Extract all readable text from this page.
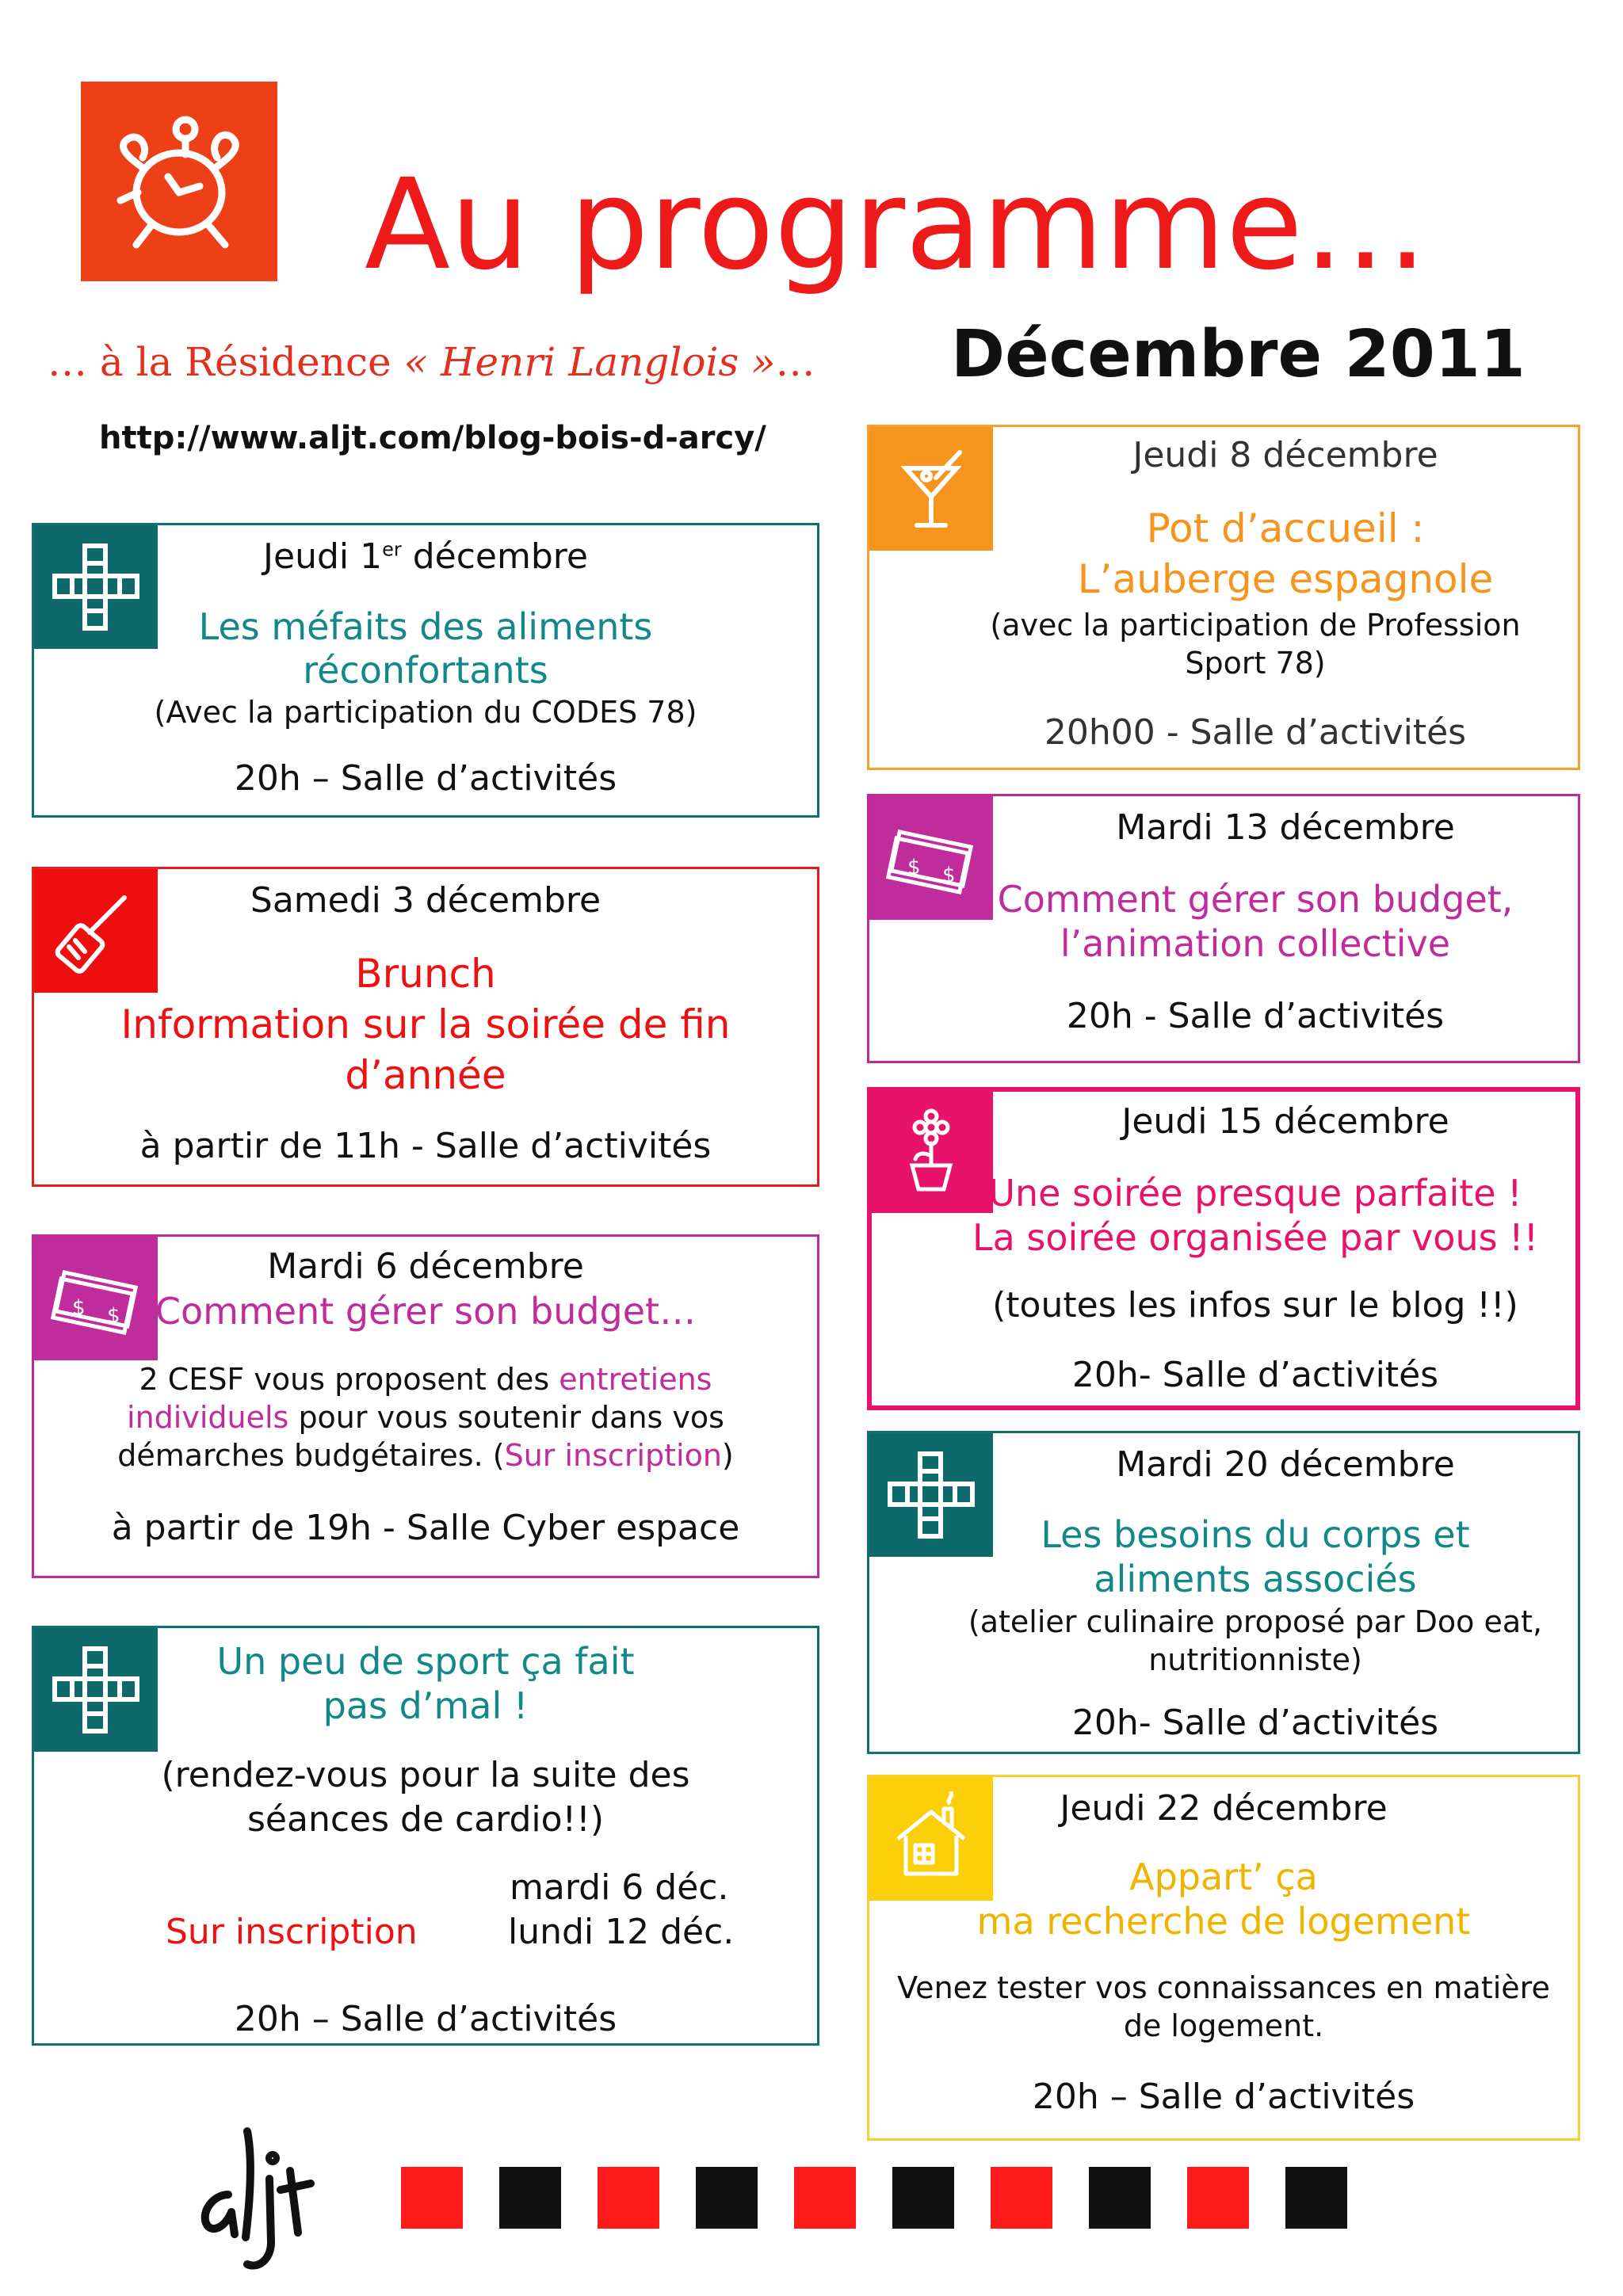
Au programme…
… à la Résidence « Henri Langlois »… Décembre 2011
http://www.aljt.com/blog-bois-d-arcy/
Jeudi 1er décembre
Les méfaits des aliments
réconfortants
(Avec la participation du CODES 78)
20h – Salle d’activités
Samedi 3 décembre
Brunch
Information sur la soirée de fin
d’année
à partir de 11h - Salle d’activités
$ $
Mardi 6 décembre
Comment gérer son budget…
2 CESF vous proposent des entretiens
individuels pour vous soutenir dans vos
démarches budgétaires. (Sur inscription)
à partir de 19h - Salle Cyber espace
Un peu de sport ça fait
pas d’mal !
(rendez-vous pour la suite des
séances de cardio!!)
mardi 6 déc.
lundi 12 déc.
Sur inscription
20h – Salle d’activités
Jeudi 8 décembre
Pot d’accueil :
L’auberge espagnole
(avec la participation de Profession
Sport 78)
20h00 - Salle d’activités
$ $
Mardi 13 décembre
Comment gérer son budget,
l’animation collective
20h - Salle d’activités
Jeudi 15 décembre
Une soirée presque parfaite !
La soirée organisée par vous !!
(toutes les infos sur le blog !!)
20h- Salle d’activités
Mardi 20 décembre
Les besoins du corps et
aliments associés
(atelier culinaire proposé par Doo eat,
nutritionniste)
20h- Salle d’activités
Jeudi 22 décembre
Appart’ ça
ma recherche de logement
Venez tester vos connaissances en matière
de logement.
20h – Salle d’activités
